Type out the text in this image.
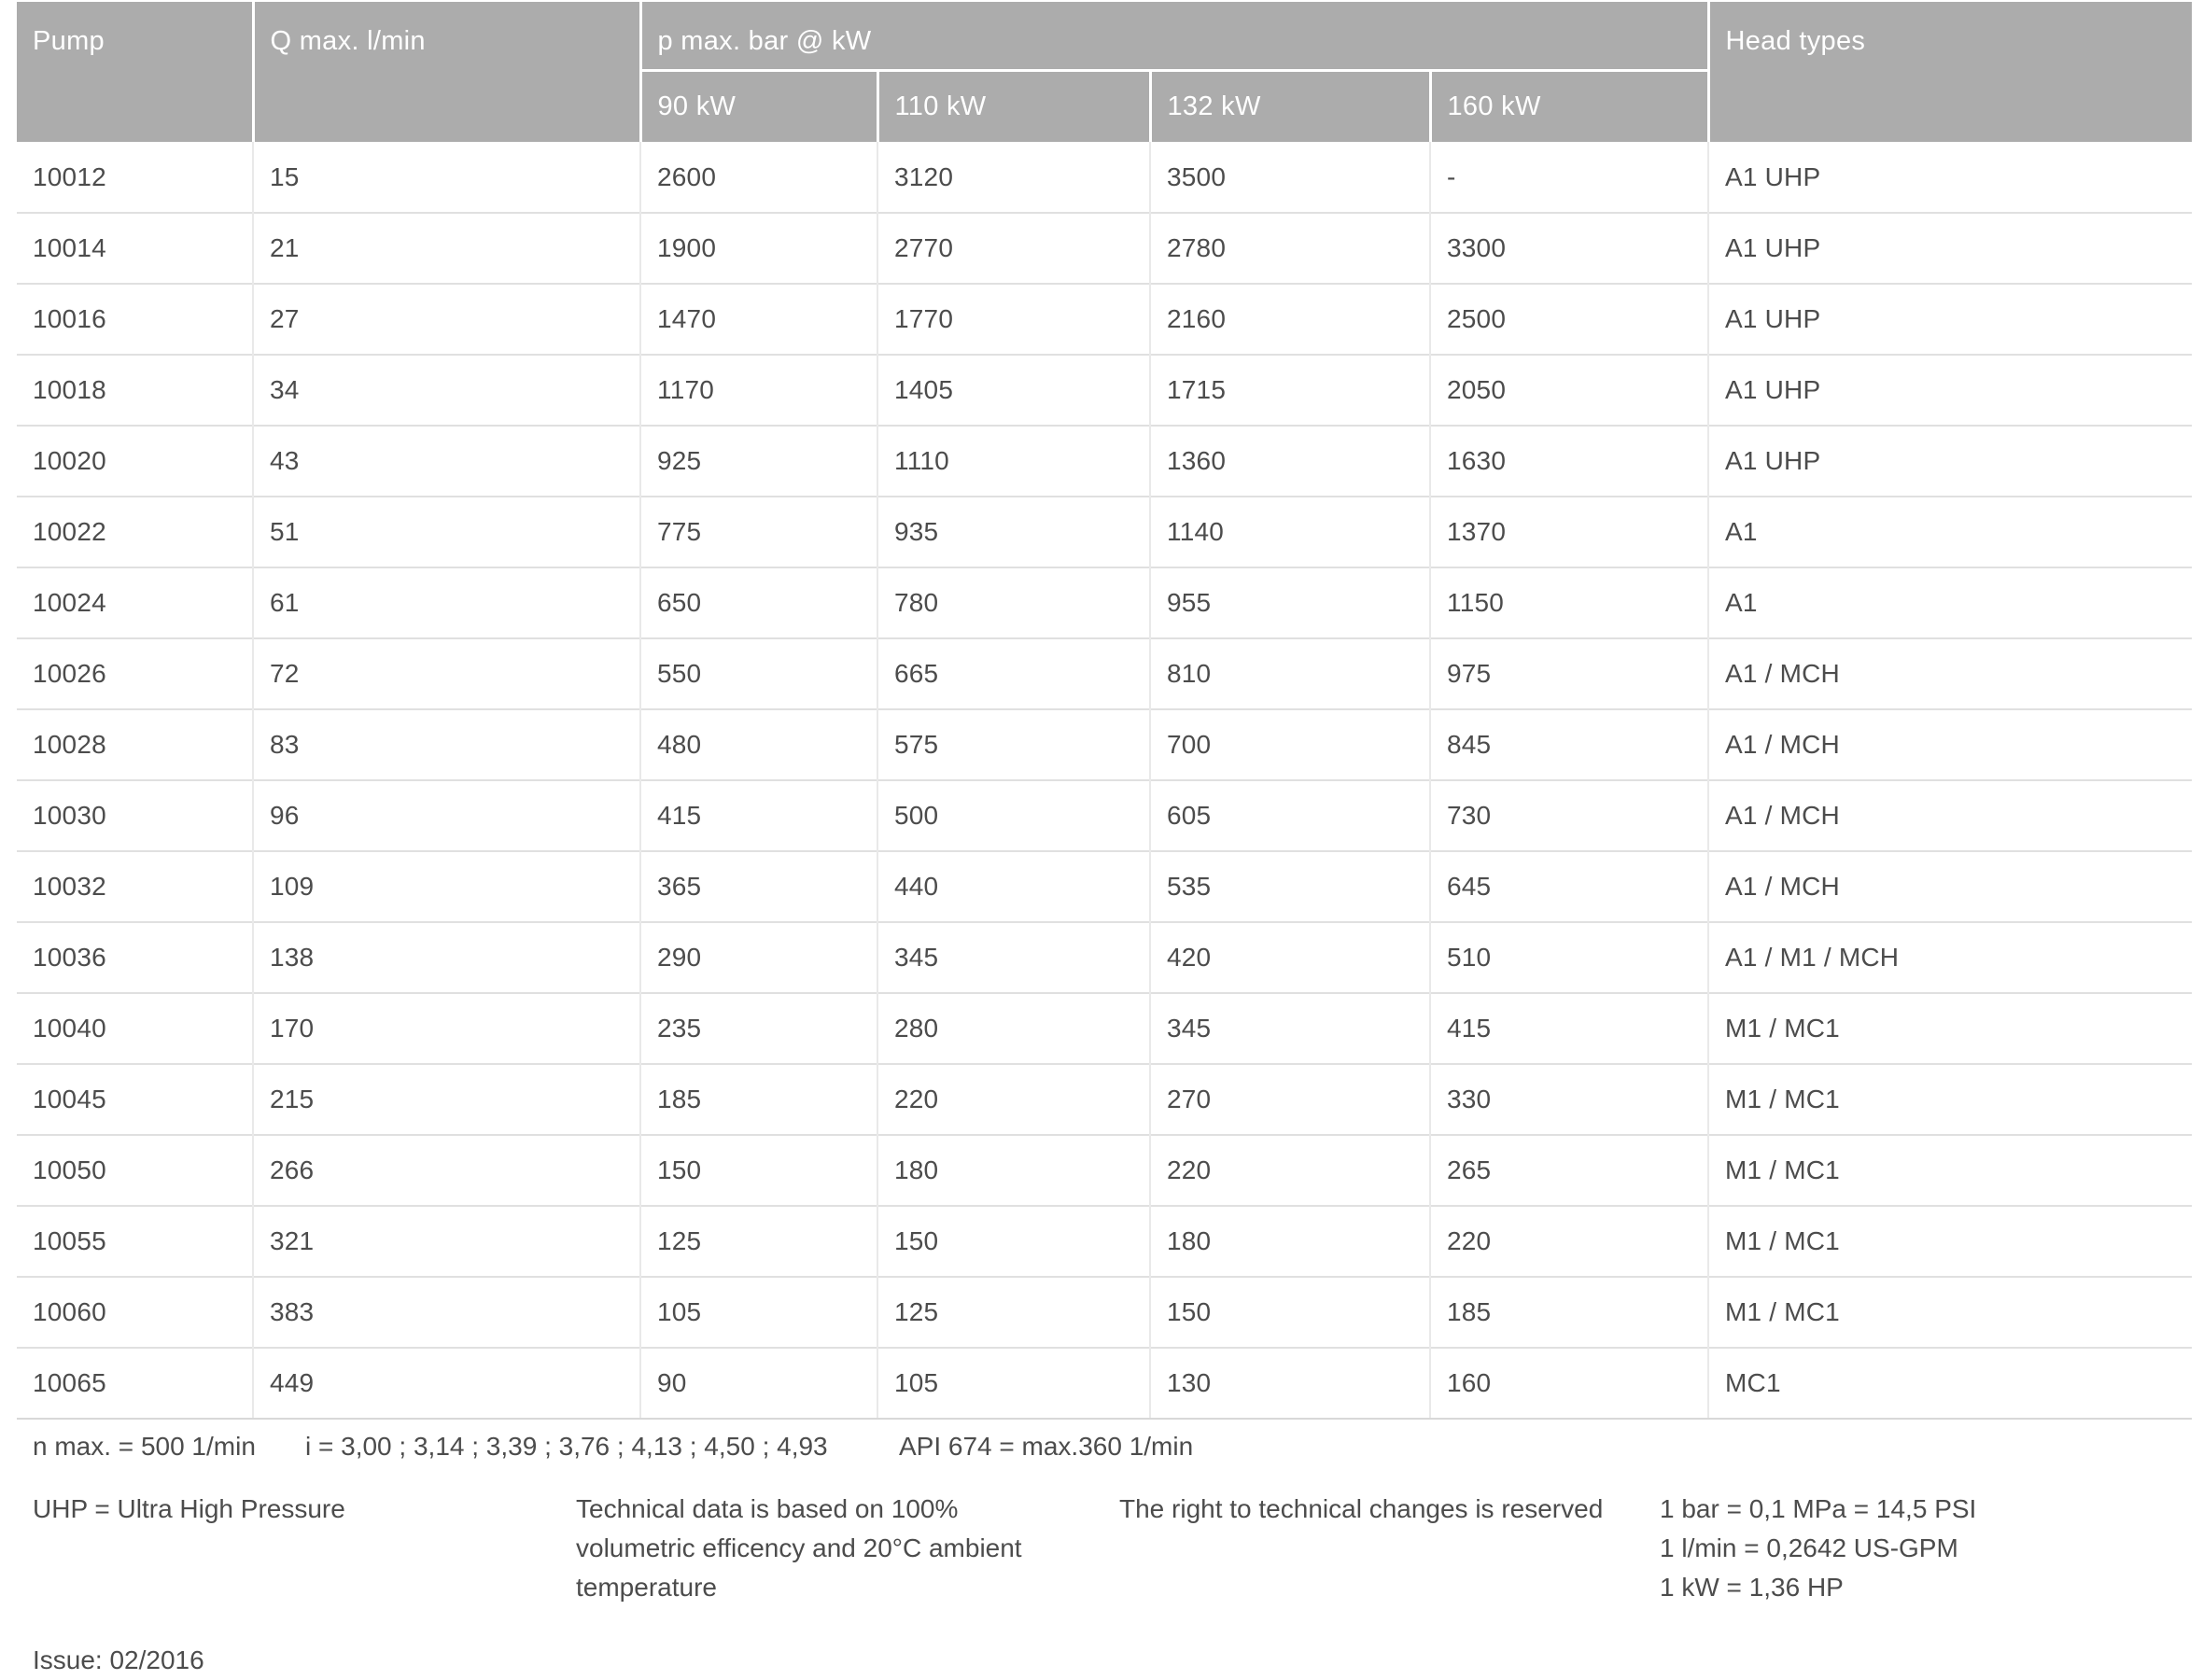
Pump	Q max. l/min	p max. bar @ kW				Head types
		90 kW	110 kW	132 kW	160 kW	
10012	15	2600	3120	3500	-	A1 UHP
10014	21	1900	2770	2780	3300	A1 UHP
10016	27	1470	1770	2160	2500	A1 UHP
10018	34	1170	1405	1715	2050	A1 UHP
10020	43	925	1110	1360	1630	A1 UHP
10022	51	775	935	1140	1370	A1
10024	61	650	780	955	1150	A1
10026	72	550	665	810	975	A1 / MCH
10028	83	480	575	700	845	A1 / MCH
10030	96	415	500	605	730	A1 / MCH
10032	109	365	440	535	645	A1 / MCH
10036	138	290	345	420	510	A1 / M1 / MCH
10040	170	235	280	345	415	M1 / MC1
10045	215	185	220	270	330	M1 / MC1
10050	266	150	180	220	265	M1 / MC1
10055	321	125	150	180	220	M1 / MC1
10060	383	105	125	150	185	M1 / MC1
10065	449	90	105	130	160	MC1
n max. = 500 1/min i = 3,00 ; 3,14 ; 3,39 ; 3,76 ; 4,13 ; 4,50 ; 4,93	API 674 = max.360 1/min
UHP = Ultra High Pressure	Technical data is based on 100%
volumetric efficency and 20°C ambient
temperature
The right to technical changes is reserved 1 bar = 0,1 MPa = 14,5 PSI
1 l/min = 0,2642 US-GPM
1 kW = 1,36 HP
Issue: 02/2016
